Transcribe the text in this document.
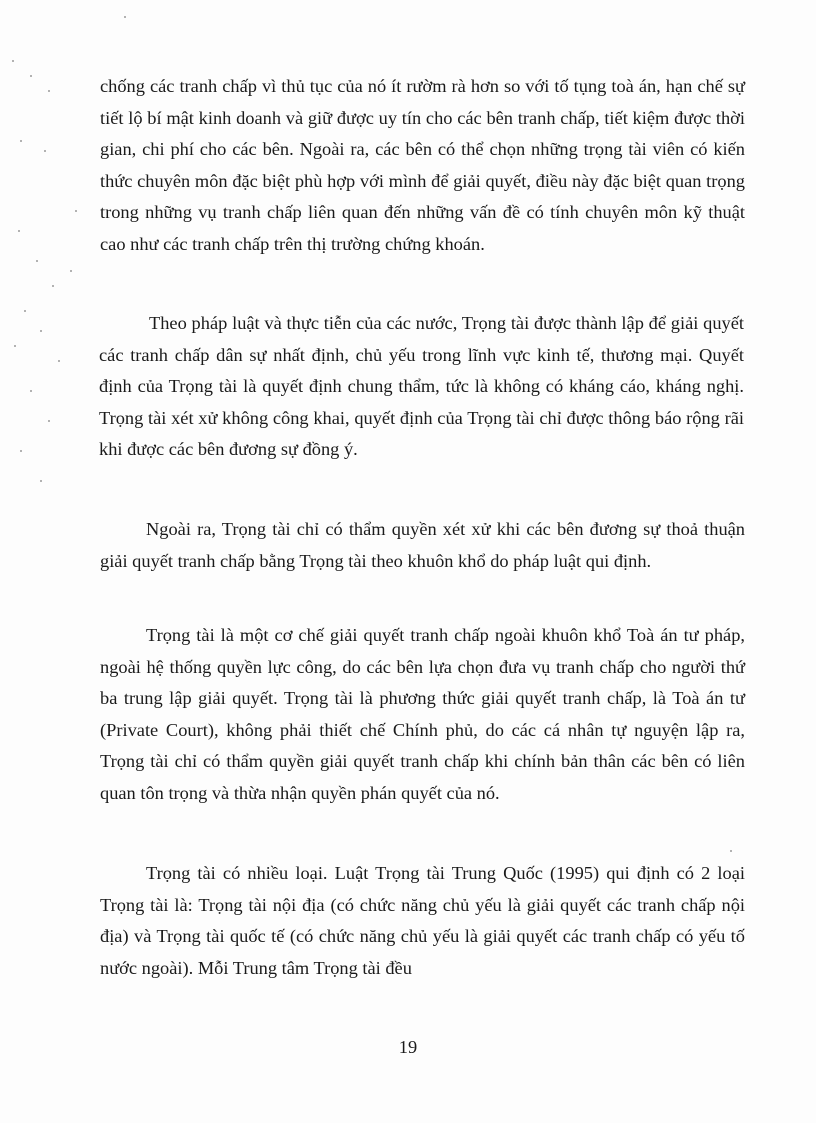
chống các tranh chấp vì thủ tục của nó ít rườm rà hơn so với tố tụng toà án, hạn chế sự tiết lộ bí mật kinh doanh và giữ được uy tín cho các bên tranh chấp, tiết kiệm được thời gian, chi phí cho các bên. Ngoài ra, các bên có thể chọn những trọng tài viên có kiến thức chuyên môn đặc biệt phù hợp với mình để giải quyết, điều này đặc biệt quan trọng trong những vụ tranh chấp liên quan đến những vấn đề có tính chuyên môn kỹ thuật cao như các tranh chấp trên thị trường chứng khoán.

Theo pháp luật và thực tiễn của các nước, Trọng tài được thành lập để giải quyết các tranh chấp dân sự nhất định, chủ yếu trong lĩnh vực kinh tế, thương mại. Quyết định của Trọng tài là quyết định chung thẩm, tức là không có kháng cáo, kháng nghị. Trọng tài xét xử không công khai, quyết định của Trọng tài chỉ được thông báo rộng rãi khi được các bên đương sự đồng ý.

Ngoài ra, Trọng tài chỉ có thẩm quyền xét xử khi các bên đương sự thoả thuận giải quyết tranh chấp bằng Trọng tài theo khuôn khổ do pháp luật qui định.

Trọng tài là một cơ chế giải quyết tranh chấp ngoài khuôn khổ Toà án tư pháp, ngoài hệ thống quyền lực công, do các bên lựa chọn đưa vụ tranh chấp cho người thứ ba trung lập giải quyết. Trọng tài là phương thức giải quyết tranh chấp, là Toà án tư (Private Court), không phải thiết chế Chính phủ, do các cá nhân tự nguyện lập ra, Trọng tài chỉ có thẩm quyền giải quyết tranh chấp khi chính bản thân các bên có liên quan tôn trọng và thừa nhận quyền phán quyết của nó.

Trọng tài có nhiều loại. Luật Trọng tài Trung Quốc (1995) qui định có 2 loại Trọng tài là: Trọng tài nội địa (có chức năng chủ yếu là giải quyết các tranh chấp nội địa) và Trọng tài quốc tế (có chức năng chủ yếu là giải quyết các tranh chấp có yếu tố nước ngoài). Mỗi Trung tâm Trọng tài đều

19
